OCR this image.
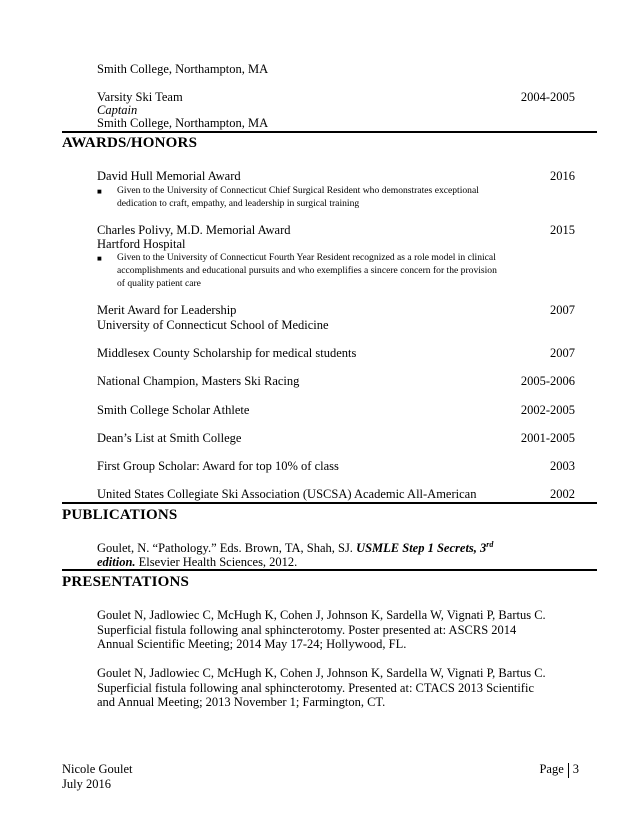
Smith College, Northampton, MA
Varsity Ski Team	2004-2005
Captain
Smith College, Northampton, MA
AWARDS/HONORS
David Hull Memorial Award	2016
■ Given to the University of Connecticut Chief Surgical Resident who demonstrates exceptional
dedication to craft, empathy, and leadership in surgical training
Charles Polivy, M.D. Memorial Award	2015
Hartford Hospital
■ Given to the University of Connecticut Fourth Year Resident recognized as a role model in clinical
accomplishments and educational pursuits and who exemplifies a sincere concern for the provision
of quality patient care
Merit Award for Leadership	2007
University of Connecticut School of Medicine
Middlesex County Scholarship for medical students	2007
National Champion, Masters Ski Racing	2005-2006
Smith College Scholar Athlete	2002-2005
Dean’s List at Smith College	2001-2005
First Group Scholar: Award for top 10% of class	2003
United States Collegiate Ski Association (USCSA) Academic All-American	2002
PUBLICATIONS
Goulet, N. “Pathology.” Eds. Brown, TA, Shah, SJ. USMLE Step 1 Secrets, 3rd
edition. Elsevier Health Sciences, 2012.
PRESENTATIONS
Goulet N, Jadlowiec C, McHugh K, Cohen J, Johnson K, Sardella W, Vignati P, Bartus C.
Superficial fistula following anal sphincterotomy. Poster presented at: ASCRS 2014
Annual Scientific Meeting; 2014 May 17-24; Hollywood, FL.
Goulet N, Jadlowiec C, McHugh K, Cohen J, Johnson K, Sardella W, Vignati P, Bartus C.
Superficial fistula following anal sphincterotomy. Presented at: CTACS 2013 Scientific
and Annual Meeting; 2013 November 1; Farmington, CT.
Nicole Goulet
July 2016
Page 3
